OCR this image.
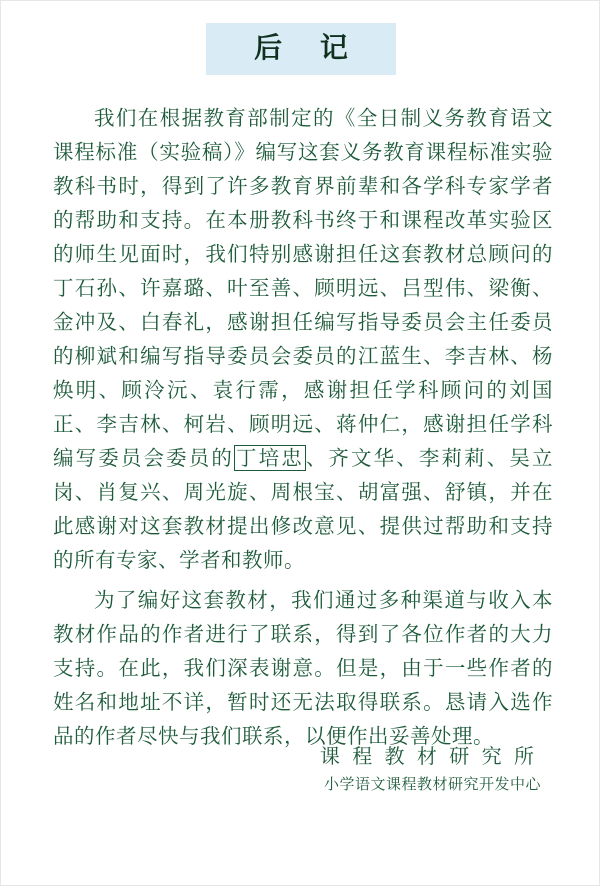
后 记

我们在根据教育部制定的《全日制义务教育语文课程标准（实验稿）》编写这套义务教育课程标准实验教科书时，得到了许多教育界前辈和各学科专家学者的帮助和支持。在本册教科书终于和课程改革实验区的师生见面时，我们特别感谢担任这套教材总顾问的丁石孙、许嘉璐、叶至善、顾明远、吕型伟、梁衡、金冲及、白春礼，感谢担任编写指导委员会主任委员的柳斌和编写指导委员会委员的江蓝生、李吉林、杨焕明、顾泠沅、袁行霈，感谢担任学科顾问的刘国正、李吉林、柯岩、顾明远、蒋仲仁，感谢担任学科编写委员会委员的丁培忠、齐文华、李莉莉、吴立岗、肖复兴、周光旋、周根宝、胡富强、舒镇，并在此感谢对这套教材提出修改意见、提供过帮助和支持的所有专家、学者和教师。

为了编好这套教材，我们通过多种渠道与收入本教材作品的作者进行了联系，得到了各位作者的大力支持。在此，我们深表谢意。但是，由于一些作者的姓名和地址不详，暂时还无法取得联系。恳请入选作品的作者尽快与我们联系，以便作出妥善处理。

课 程 教 材 研 究 所
小学语文课程教材研究开发中心
